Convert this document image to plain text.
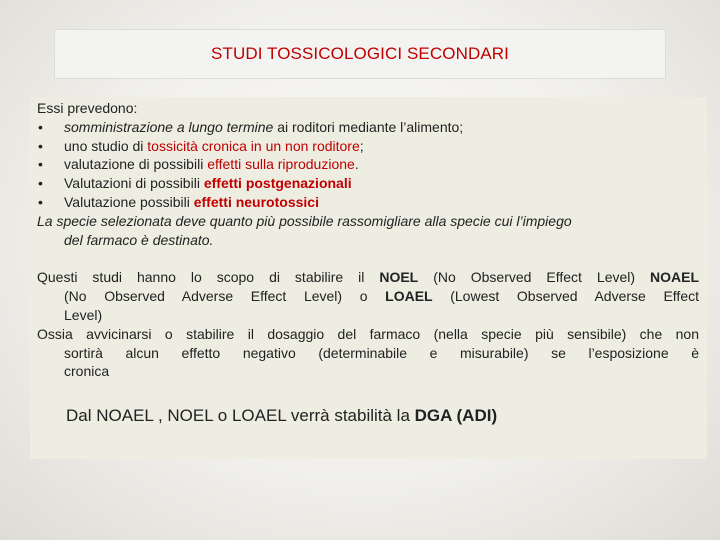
STUDI TOSSICOLOGICI SECONDARI
Essi prevedono:
• somministrazione a lungo termine ai roditori mediante l’alimento;
• uno studio di tossicità cronica in un non roditore;
• valutazione di possibili effetti sulla riproduzione.
• Valutazioni di possibili effetti postgenazionali
• Valutazione possibili effetti neurotossici
La specie selezionata deve quanto più possibile rassomigliare alla specie cui l’impiego
del farmaco è destinato.
Questi studi hanno lo scopo di stabilire il NOEL (No Observed Effect Level) NOAEL
(No Observed Adverse Effect Level) o LOAEL (Lowest Observed Adverse Effect
Level)
Ossia avvicinarsi o stabilire il dosaggio del farmaco (nella specie più sensibile) che non
sortirà alcun effetto negativo (determinabile e misurabile) se l’esposizione è
cronica
Dal NOAEL , NOEL o LOAEL verrà stabilità la DGA (ADI)
